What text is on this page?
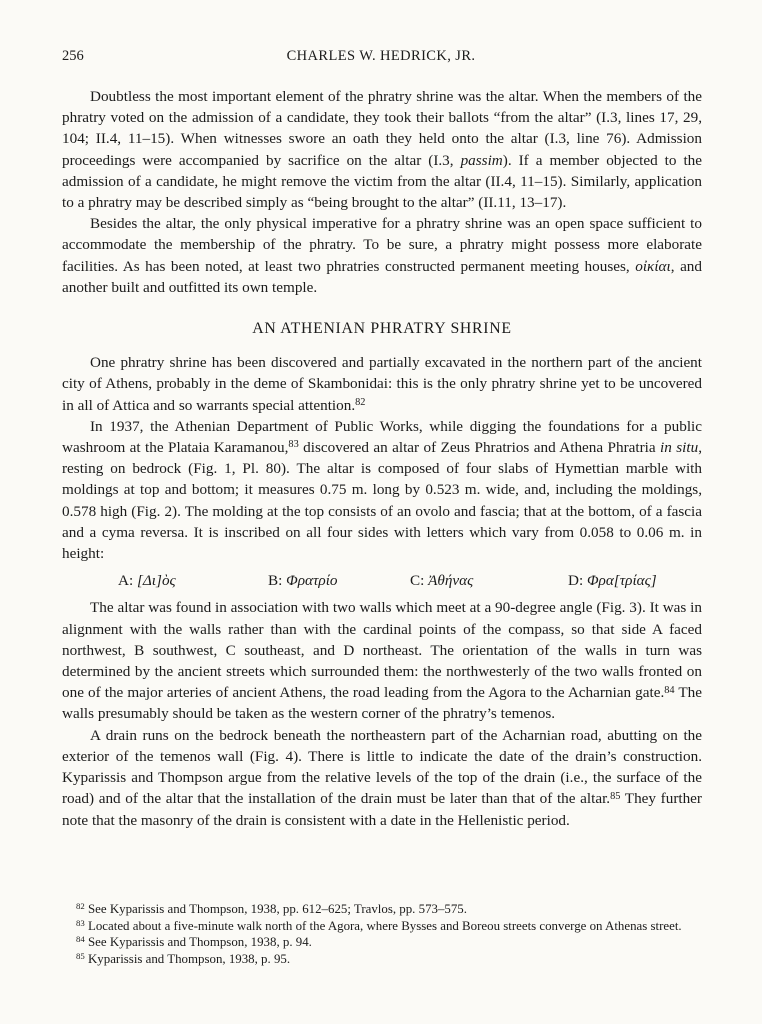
256	CHARLES W. HEDRICK, JR.

Doubtless the most important element of the phratry shrine was the altar. When the members of the phratry voted on the admission of a candidate, they took their ballots “from the altar” (I.3, lines 17, 29, 104; II.4, 11–15). When witnesses swore an oath they held onto the altar (I.3, line 76). Admission proceedings were accompanied by sacrifice on the altar (I.3, passim). If a member objected to the admission of a candidate, he might remove the victim from the altar (II.4, 11–15). Similarly, application to a phratry may be described simply as “being brought to the altar” (II.11, 13–17).

Besides the altar, the only physical imperative for a phratry shrine was an open space sufficient to accommodate the membership of the phratry. To be sure, a phratry might possess more elaborate facilities. As has been noted, at least two phratries constructed permanent meeting houses, οἰκίαι, and another built and outfitted its own temple.

AN ATHENIAN PHRATRY SHRINE

One phratry shrine has been discovered and partially excavated in the northern part of the ancient city of Athens, probably in the deme of Skambonidai: this is the only phratry shrine yet to be uncovered in all of Attica and so warrants special attention.$^{82}$

In 1937, the Athenian Department of Public Works, while digging the foundations for a public washroom at the Plataia Karamanou,$^{83}$ discovered an altar of Zeus Phratrios and Athena Phratria in situ, resting on bedrock (Fig. 1, Pl. 80). The altar is composed of four slabs of Hymettian marble with moldings at top and bottom; it measures 0.75 m. long by 0.523 m. wide, and, including the moldings, 0.578 high (Fig. 2). The molding at the top consists of an ovolo and fascia; that at the bottom, of a fascia and a cyma reversa. It is inscribed on all four sides with letters which vary from 0.058 to 0.06 m. in height:

A: [Δι]ὸς	B: Φρατρίο	C: Ἀθήνας	D: Φρα[τρίας]

The altar was found in association with two walls which meet at a 90-degree angle (Fig. 3). It was in alignment with the walls rather than with the cardinal points of the compass, so that side A faced northwest, B southwest, C southeast, and D northeast. The orientation of the walls in turn was determined by the ancient streets which surrounded them: the northwesterly of the two walls fronted on one of the major arteries of ancient Athens, the road leading from the Agora to the Acharnian gate.$^{84}$ The walls presumably should be taken as the western corner of the phratry’s temenos.

A drain runs on the bedrock beneath the northeastern part of the Acharnian road, abutting on the exterior of the temenos wall (Fig. 4). There is little to indicate the date of the drain’s construction. Kyparissis and Thompson argue from the relative levels of the top of the drain (i.e., the surface of the road) and of the altar that the installation of the drain must be later than that of the altar.$^{85}$ They further note that the masonry of the drain is consistent with a date in the Hellenistic period.

$^{82}$ See Kyparissis and Thompson, 1938, pp. 612–625; Travlos, pp. 573–575.

$^{83}$ Located about a five-minute walk north of the Agora, where Bysses and Boreou streets converge on Athenas street.

$^{84}$ See Kyparissis and Thompson, 1938, p. 94.

$^{85}$ Kyparissis and Thompson, 1938, p. 95.
